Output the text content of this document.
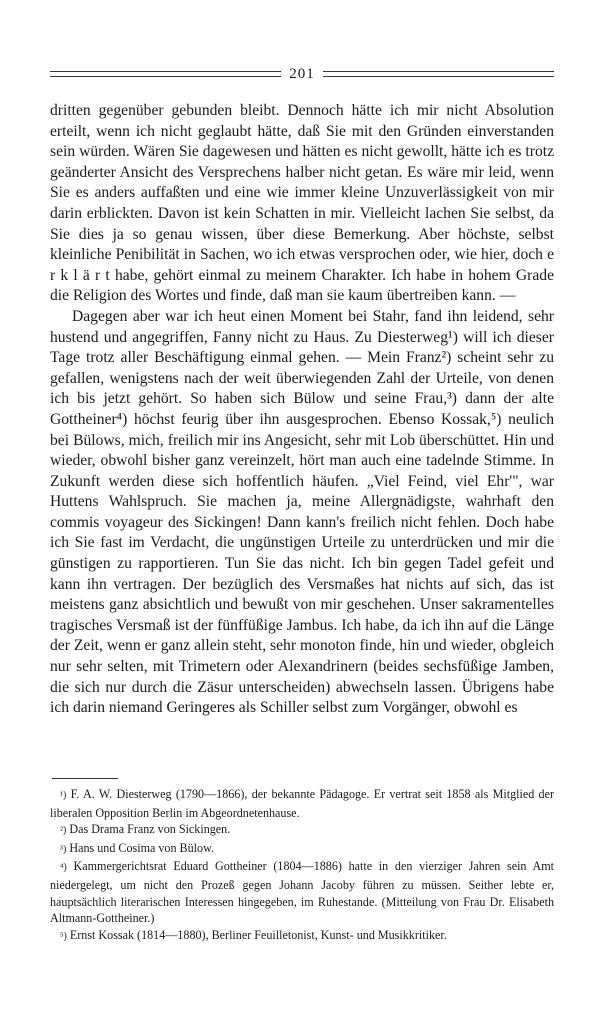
201

dritten gegenüber gebunden bleibt. Dennoch hätte ich mir nicht Absolution erteilt, wenn ich nicht geglaubt hätte, daß Sie mit den Gründen einverstanden sein würden. Wären Sie dagewesen und hätten es nicht gewollt, hätte ich es trotz geänderter Ansicht des Versprechens halber nicht getan. Es wäre mir leid, wenn Sie es anders auffaßten und eine wie immer kleine Unzuverlässigkeit von mir darin erblickten. Davon ist kein Schatten in mir. Vielleicht lachen Sie selbst, da Sie dies ja so genau wissen, über diese Bemerkung. Aber höchste, selbst kleinliche Penibilität in Sachen, wo ich etwas versprochen oder, wie hier, doch e r k l ä r t habe, gehört einmal zu meinem Charakter. Ich habe in hohem Grade die Religion des Wortes und finde, daß man sie kaum übertreiben kann. —

Dagegen aber war ich heut einen Moment bei Stahr, fand ihn leidend, sehr hustend und angegriffen, Fanny nicht zu Haus. Zu Diesterweg¹) will ich dieser Tage trotz aller Beschäftigung einmal gehen. — Mein Franz²) scheint sehr zu gefallen, wenigstens nach der weit überwiegenden Zahl der Urteile, von denen ich bis jetzt gehört. So haben sich Bülow und seine Frau,³) dann der alte Gottheiner⁴) höchst feurig über ihn ausgesprochen. Ebenso Kossak,⁵) neulich bei Bülows, mich, freilich mir ins Angesicht, sehr mit Lob überschüttet. Hin und wieder, obwohl bisher ganz vereinzelt, hört man auch eine tadelnde Stimme. In Zukunft werden diese sich hoffentlich häufen. „Viel Feind, viel Ehr'", war Huttens Wahlspruch. Sie machen ja, meine Allergnädigste, wahrhaft den commis voyageur des Sickingen! Dann kann's freilich nicht fehlen. Doch habe ich Sie fast im Verdacht, die ungünstigen Urteile zu unterdrücken und mir die günstigen zu rapportieren. Tun Sie das nicht. Ich bin gegen Tadel gefeit und kann ihn vertragen. Der bezüglich des Versmaßes hat nichts auf sich, das ist meistens ganz absichtlich und bewußt von mir geschehen. Unser sakramentelles tragisches Versmaß ist der fünffüßige Jambus. Ich habe, da ich ihn auf die Länge der Zeit, wenn er ganz allein steht, sehr monoton finde, hin und wieder, obgleich nur sehr selten, mit Trimetern oder Alexandrinern (beides sechsfüßige Jamben, die sich nur durch die Zäsur unterscheiden) abwechseln lassen. Übrigens habe ich darin niemand Geringeres als Schiller selbst zum Vorgänger, obwohl es

¹) F. A. W. Diesterweg (1790—1866), der bekannte Pädagoge. Er vertrat seit 1858 als Mitglied der liberalen Opposition Berlin im Abgeordnetenhause.
²) Das Drama Franz von Sickingen.
³) Hans und Cosima von Bülow.
⁴) Kammergerichtsrat Eduard Gottheiner (1804—1886) hatte in den vierziger Jahren sein Amt niedergelegt, um nicht den Prozeß gegen Johann Jacoby führen zu müssen. Seither lebte er, hauptsächlich literarischen Interessen hingegeben, im Ruhestande. (Mitteilung von Frau Dr. Elisabeth Altmann-Gottheiner.)
⁵) Ernst Kossak (1814—1880), Berliner Feuilletonist, Kunst- und Musikkritiker.
